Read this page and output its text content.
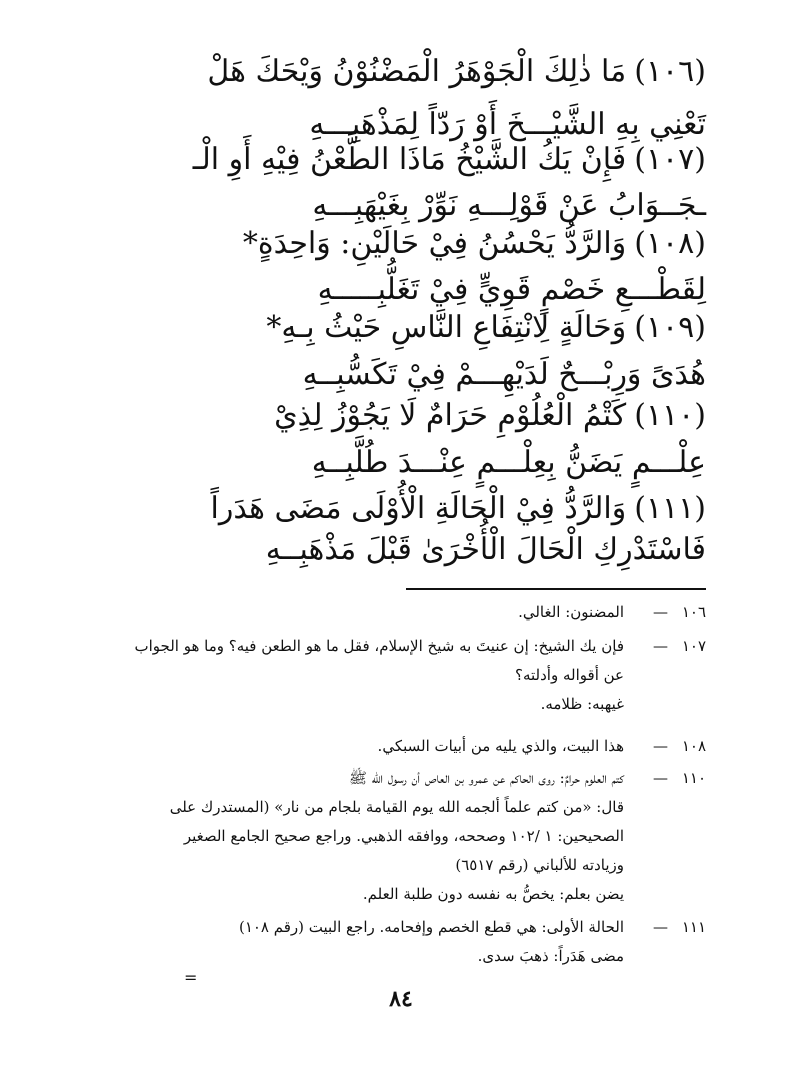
(١٠٦)مَا ذٰلِكَ الْجَوْهَرُ الْمَضْنُوْنُ وَيْحَكَ هَلْ
تَعْنِي بِهِ الشَّيْـــخَ أَوْ رَدّاً لِمَذْهَبِـــهِ
(١٠٧)فَإِنْ يَكُ الشَّيْخُ مَاذَا الطَّعْنُ فِيْهِ أَوِ الْـ
ـجَــوَابُ عَنْ قَوْلِـــهِ نَوِّرْ بِغَيْهَبِـــهِ
(١٠٨)وَالرَّدُّ يَحْسُنُ فِيْ حَالَيْنِ: وَاحِدَةٍ*
لِقَطْـــعِ خَصْمٍ قَوِيٍّ فِيْ تَغَلُّبِـــــهِ
(١٠٩)وَحَالَةٍ لِانْتِفَاعِ النَّاسِ حَيْثُ بِـهِ*
هُدَىً وَرِبْـــحٌ لَدَيْهِـــمْ فِيْ تَكَسُّبِــهِ
(١١٠)كَتْمُ الْعُلُوْمِ حَرَامٌ لَا يَجُوْزُ لِذِيْ
عِلْـــمٍ يَضَنُّ بِعِلْـــمٍ عِنْـــدَ طُلَّبِــهِ
(١١١)وَالرَّدُّ فِيْ الْحَالَةِ الْأُوْلَى مَضَى هَدَراً
فَاسْتَدْرِكِ الْحَالَ الْأُخْرَىٰ قَبْلَ مَذْهَبِــهِ
١٠٦
—
المضنون: الغالي.
١٠٧
—
فإن يك الشيخ: إن عنيتَ به شيخ الإسلام، فقل ما هو الطعن فيه؟ وما هو الجواب
عن أقواله وأدلته؟
غيهبه: ظلامه.
١٠٨
—
هذا البيت، والذي يليه من أبيات السبكي.
١١٠
—
كتم العلوم حرامٌ: روى الحاكم عن عمرو بن العاص أن رسول الله ﷺ
قال: «من كتم علماً ألجمه الله يوم القيامة بلجام من نار» (المستدرك على
الصحيحين: ١ /١٠٢ وصححه، ووافقه الذهبي. وراجع صحيح الجامع الصغير
وزيادته للألباني (رقم ٦٥١٧)
يضن بعلم: يخصُّ به نفسه دون طلبة العلم.
١١١
—
الحالة الأولى: هي قطع الخصم وإفحامه. راجع البيت (رقم ١٠٨)
مضى هَدَراً: ذهبَ سدى.
=
٨٤
